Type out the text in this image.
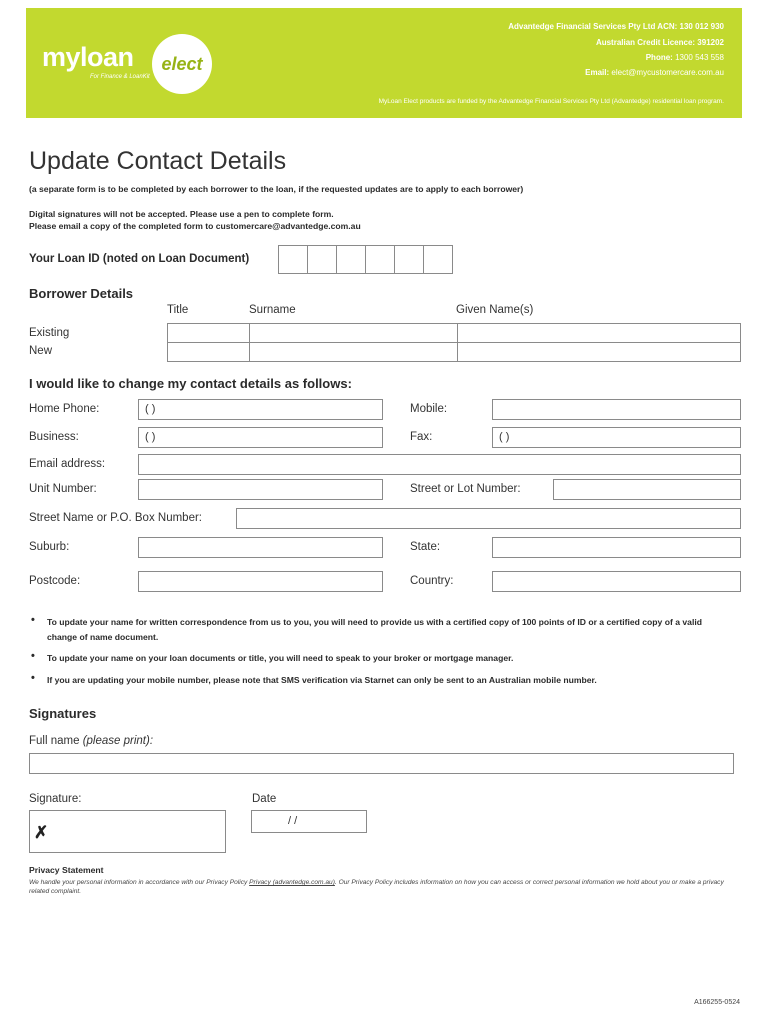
myloan
For Finance & LoanKit
elect
Advantedge Financial Services Pty Ltd ACN: 130 012 930
Australian Credit Licence: 391202
Phone: 1300 543 558
Email: elect@mycustomercare.com.au
MyLoan Elect products are funded by the Advantedge Financial Services Pty Ltd (Advantedge) residential loan program.
Update Contact Details
(a separate form is to be completed by each borrower to the loan, if the requested updates are to apply to each borrower)
Digital signatures will not be accepted. Please use a pen to complete form.
Please email a copy of the completed form to customercare@advantedge.com.au
Your Loan ID (noted on Loan Document)
Borrower Details
Title	Surname	Given Name(s)
Existing
New

I would like to change my contact details as follows:
Home Phone:	( )	Mobile:
Business:	( )	Fax:	( )
Email address:
Unit Number:	Street or Lot Number:
Street Name or P.O. Box Number:
Suburb:	State:
Postcode:	Country:
• To update your name for written correspondence from us to you, you will need to provide us with a certified copy of 100 points of ID or a certified copy of a valid change of name document.
• To update your name on your loan documents or title, you will need to speak to your broker or mortgage manager.
• If you are updating your mobile number, please note that SMS verification via Starnet can only be sent to an Australian mobile number.
Signatures
Full name (please print):
Signature:
✗
Date
/ /
Privacy Statement
We handle your personal information in accordance with our Privacy Policy Privacy (advantedge.com.au). Our Privacy Policy includes information on how you can access or correct personal information we hold about you or make a privacy related complaint.
A166255-0524
